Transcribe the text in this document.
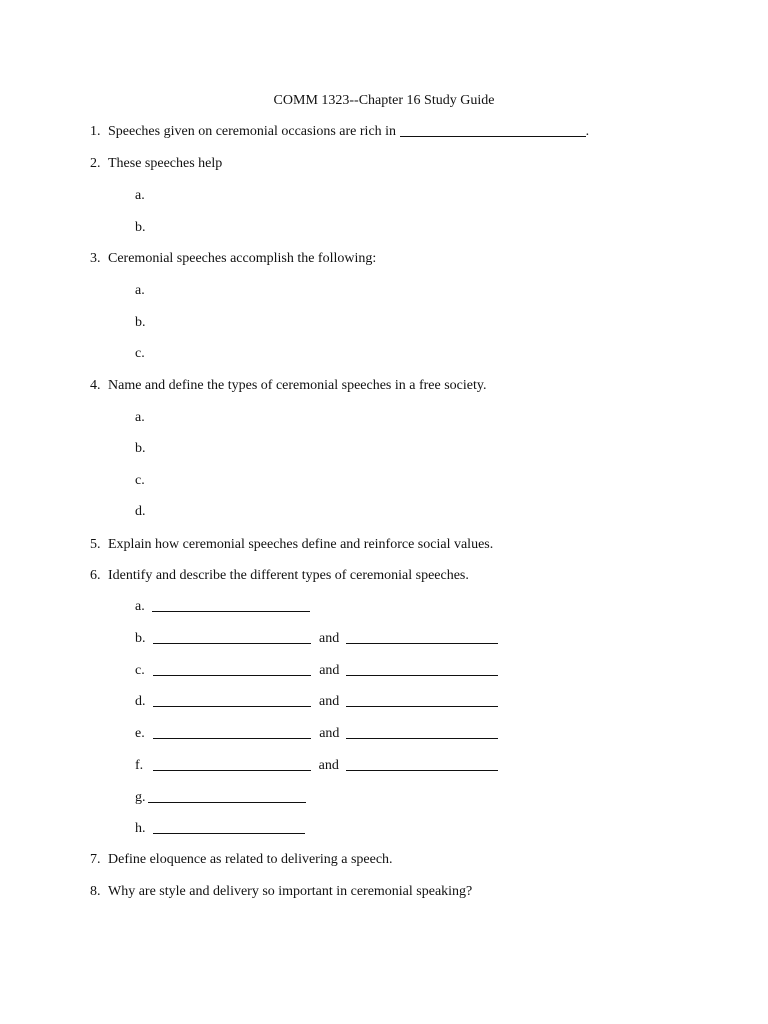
COMM 1323--Chapter 16 Study Guide
1. Speeches given on ceremonial occasions are rich in	.
2. These speeches help
a.
b.
3. Ceremonial speeches accomplish the following:
a.
b.
c.
4. Name and define the types of ceremonial speeches in a free society.
a.
b.
c.
d.
5. Explain how ceremonial speeches define and reinforce social values.
6. Identify and describe the different types of ceremonial speeches.
a.
b.	and
c.	and
d.	and
e.	and
f.	and
g.
h.
7. Define eloquence as related to delivering a speech.
8. Why are style and delivery so important in ceremonial speaking?
